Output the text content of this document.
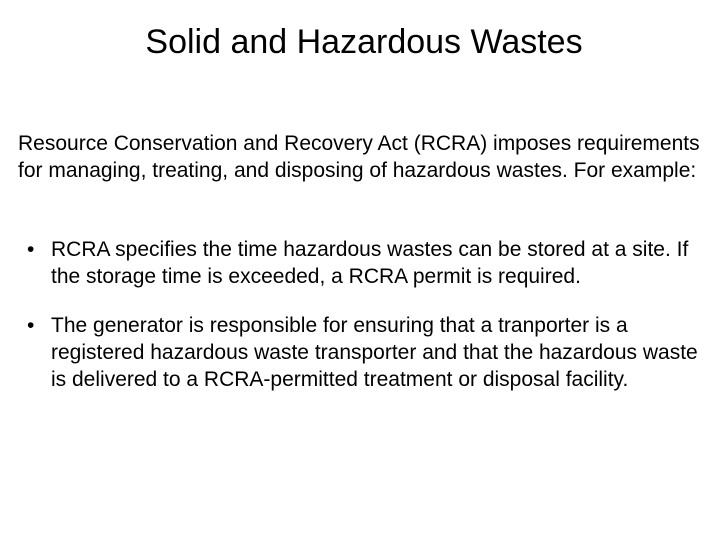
Solid and Hazardous Wastes

Resource Conservation and Recovery Act (RCRA) imposes requirements for managing, treating, and disposing of hazardous wastes. For example:

• RCRA specifies the time hazardous wastes can be stored at a site. If the storage time is exceeded, a RCRA permit is required.
• The generator is responsible for ensuring that a tranporter is a registered hazardous waste transporter and that the hazardous waste is delivered to a RCRA-permitted treatment or disposal facility.
